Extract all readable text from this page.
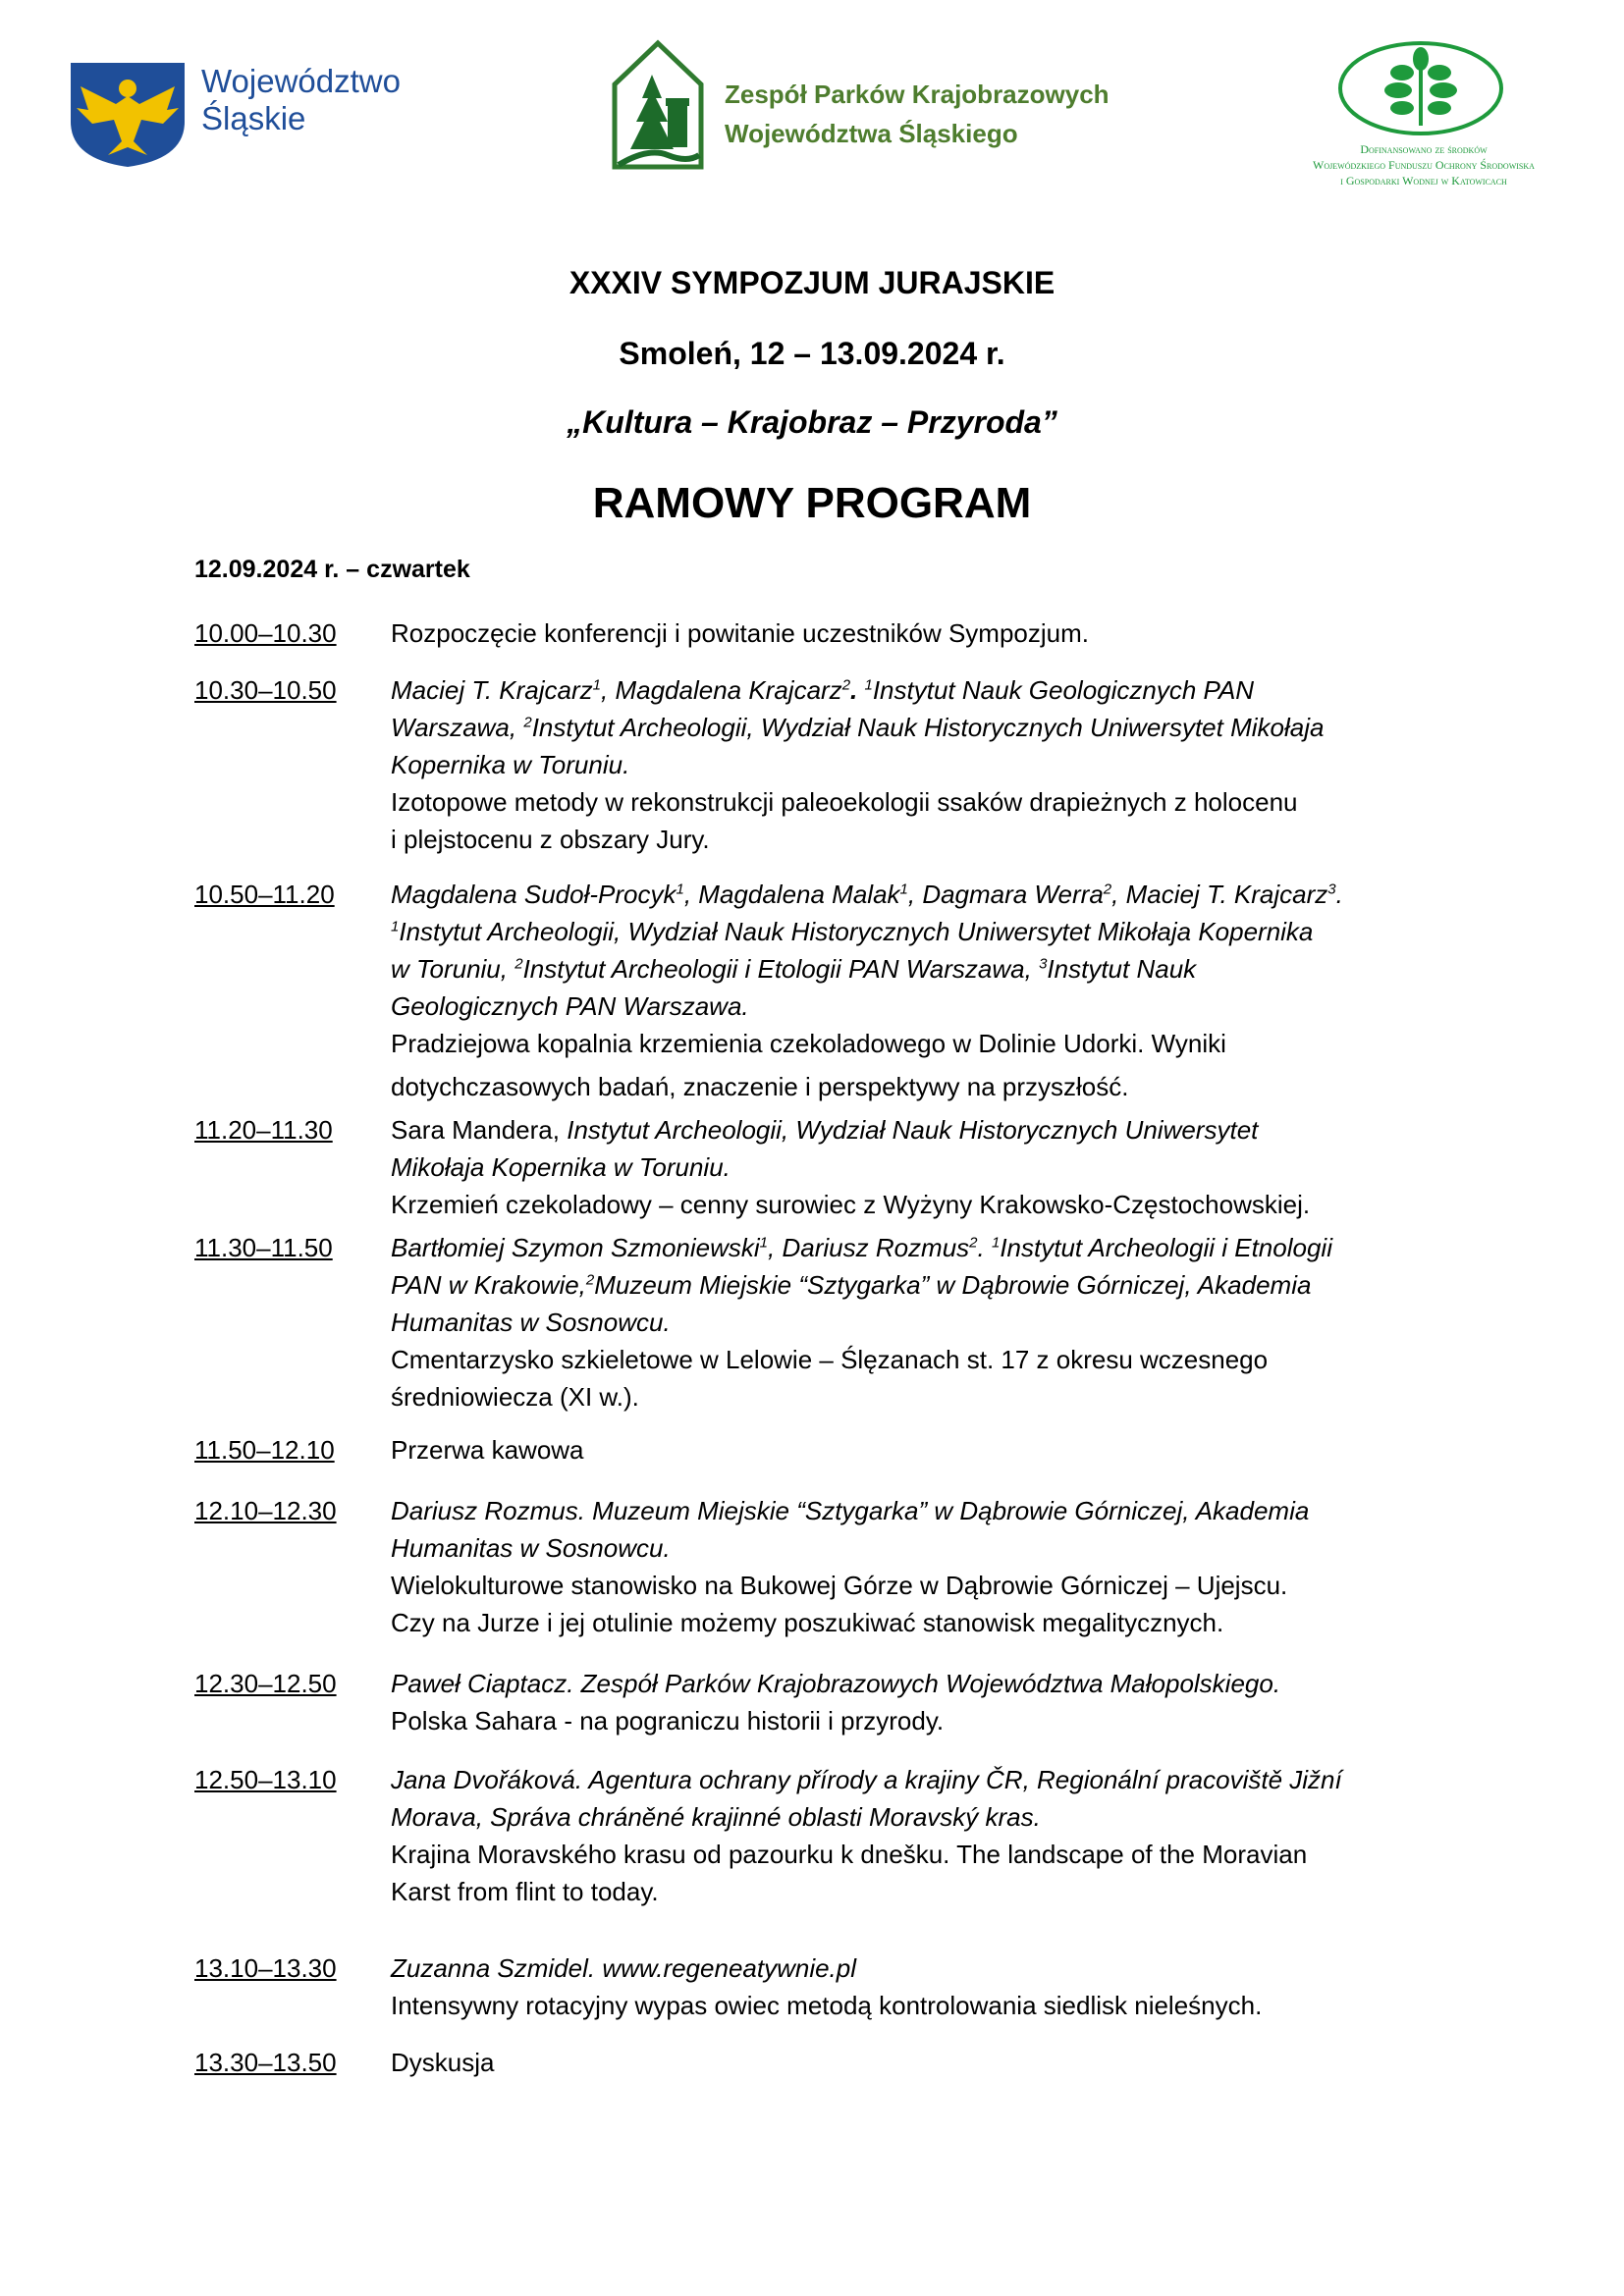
Województwo
Śląskie
Zespół Parków Krajobrazowych
Województwa Śląskiego
Dofinansowano ze środków
Wojewódzkiego Funduszu Ochrony Środowiska
i Gospodarki Wodnej w Katowicach
XXXIV SYMPOZJUM JURAJSKIE
Smoleń, 12 – 13.09.2024 r.
„Kultura – Krajobraz – Przyroda”
RAMOWY PROGRAM
12.09.2024 r. – czwartek
10.00–10.30 Rozpoczęcie konferencji i powitanie uczestników Sympozjum.
10.30–10.50 Maciej T. Krajcarz$^1$, Magdalena Krajcarz$^2$. $^1$Instytut Nauk Geologicznych PAN
Warszawa, $^2$Instytut Archeologii, Wydział Nauk Historycznych Uniwersytet Mikołaja
Kopernika w Toruniu.
Izotopowe metody w rekonstrukcji paleoekologii ssaków drapieżnych z holocenu
i plejstocenu z obszary Jury.
10.50–11.20 Magdalena Sudoł-Procyk$^1$, Magdalena Malak$^1$, Dagmara Werra$^2$, Maciej T. Krajcarz$^3$.
$^1$Instytut Archeologii, Wydział Nauk Historycznych Uniwersytet Mikołaja Kopernika
w Toruniu, $^2$Instytut Archeologii i Etologii PAN Warszawa, $^3$Instytut Nauk
Geologicznych PAN Warszawa.
Pradziejowa kopalnia krzemienia czekoladowego w Dolinie Udorki. Wyniki
dotychczasowych badań, znaczenie i perspektywy na przyszłość.
11.20–11.30 Sara Mandera, Instytut Archeologii, Wydział Nauk Historycznych Uniwersytet
Mikołaja Kopernika w Toruniu.
Krzemień czekoladowy – cenny surowiec z Wyżyny Krakowsko-Częstochowskiej.
11.30–11.50 Bartłomiej Szymon Szmoniewski$^1$, Dariusz Rozmus$^2$. $^1$Instytut Archeologii i Etnologii
PAN w Krakowie,$^2$Muzeum Miejskie “Sztygarka” w Dąbrowie Górniczej, Akademia
Humanitas w Sosnowcu.
Cmentarzysko szkieletowe w Lelowie – Ślęzanach st. 17 z okresu wczesnego
średniowiecza (XI w.).
11.50–12.10 Przerwa kawowa
12.10–12.30 Dariusz Rozmus. Muzeum Miejskie “Sztygarka” w Dąbrowie Górniczej, Akademia
Humanitas w Sosnowcu.
Wielokulturowe stanowisko na Bukowej Górze w Dąbrowie Górniczej – Ujejscu.
Czy na Jurze i jej otulinie możemy poszukiwać stanowisk megalitycznych.
12.30–12.50 Paweł Ciaptacz. Zespół Parków Krajobrazowych Województwa Małopolskiego.
Polska Sahara - na pograniczu historii i przyrody.
12.50–13.10 Jana Dvořáková. Agentura ochrany přírody a krajiny ČR, Regionální pracoviště Jižní
Morava, Správa chráněné krajinné oblasti Moravský kras.
Krajina Moravského krasu od pazourku k dnešku. The landscape of the Moravian
Karst from flint to today.
13.10–13.30 Zuzanna Szmidel. www.regeneatywnie.pl
Intensywny rotacyjny wypas owiec metodą kontrolowania siedlisk nieleśnych.
13.30–13.50 Dyskusja
